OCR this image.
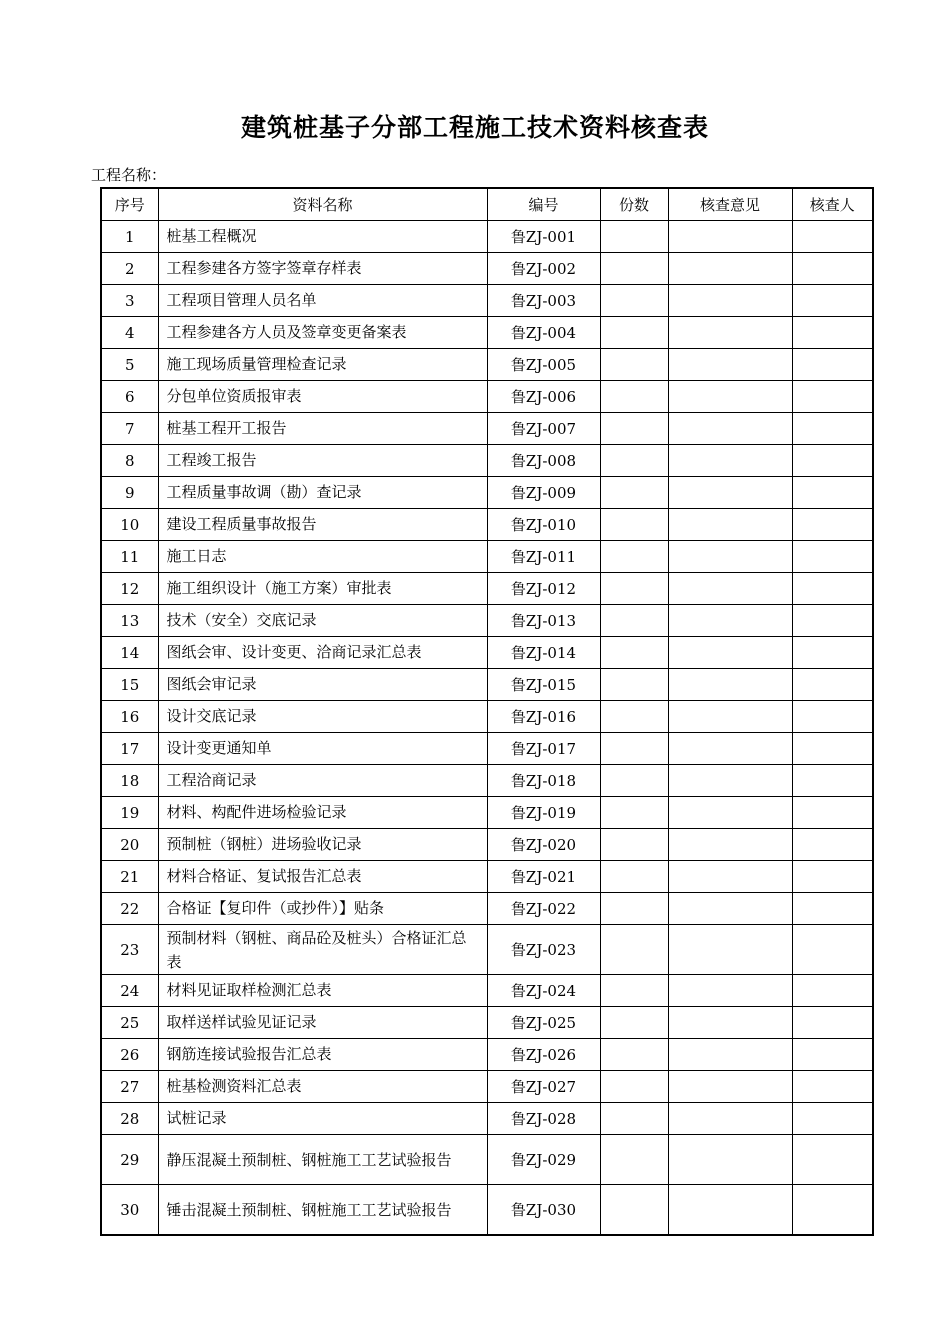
建筑桩基子分部工程施工技术资料核查表
工程名称：
序号	资料名称	编号	份数	核查意见	核查人
1	桩基工程概况	鲁ZJ-001			
2	工程参建各方签字签章存样表	鲁ZJ-002			
3	工程项目管理人员名单	鲁ZJ-003			
4	工程参建各方人员及签章变更备案表	鲁ZJ-004			
5	施工现场质量管理检查记录	鲁ZJ-005			
6	分包单位资质报审表	鲁ZJ-006			
7	桩基工程开工报告	鲁ZJ-007			
8	工程竣工报告	鲁ZJ-008			
9	工程质量事故调（勘）查记录	鲁ZJ-009			
10	建设工程质量事故报告	鲁ZJ-010			
11	施工日志	鲁ZJ-011			
12	施工组织设计（施工方案）审批表	鲁ZJ-012			
13	技术（安全）交底记录	鲁ZJ-013			
14	图纸会审、设计变更、洽商记录汇总表	鲁ZJ-014			
15	图纸会审记录	鲁ZJ-015			
16	设计交底记录	鲁ZJ-016			
17	设计变更通知单	鲁ZJ-017			
18	工程洽商记录	鲁ZJ-018			
19	材料、构配件进场检验记录	鲁ZJ-019			
20	预制桩（钢桩）进场验收记录	鲁ZJ-020			
21	材料合格证、复试报告汇总表	鲁ZJ-021			
22	合格证【复印件（或抄件）】贴条	鲁ZJ-022			
23	预制材料（钢桩、商品砼及桩头）合格证汇总表	鲁ZJ-023			
24	材料见证取样检测汇总表	鲁ZJ-024			
25	取样送样试验见证记录	鲁ZJ-025			
26	钢筋连接试验报告汇总表	鲁ZJ-026			
27	桩基检测资料汇总表	鲁ZJ-027			
28	试桩记录	鲁ZJ-028			
29	静压混凝土预制桩、钢桩施工工艺试验报告	鲁ZJ-029			
30	锤击混凝土预制桩、钢桩施工工艺试验报告	鲁ZJ-030			
